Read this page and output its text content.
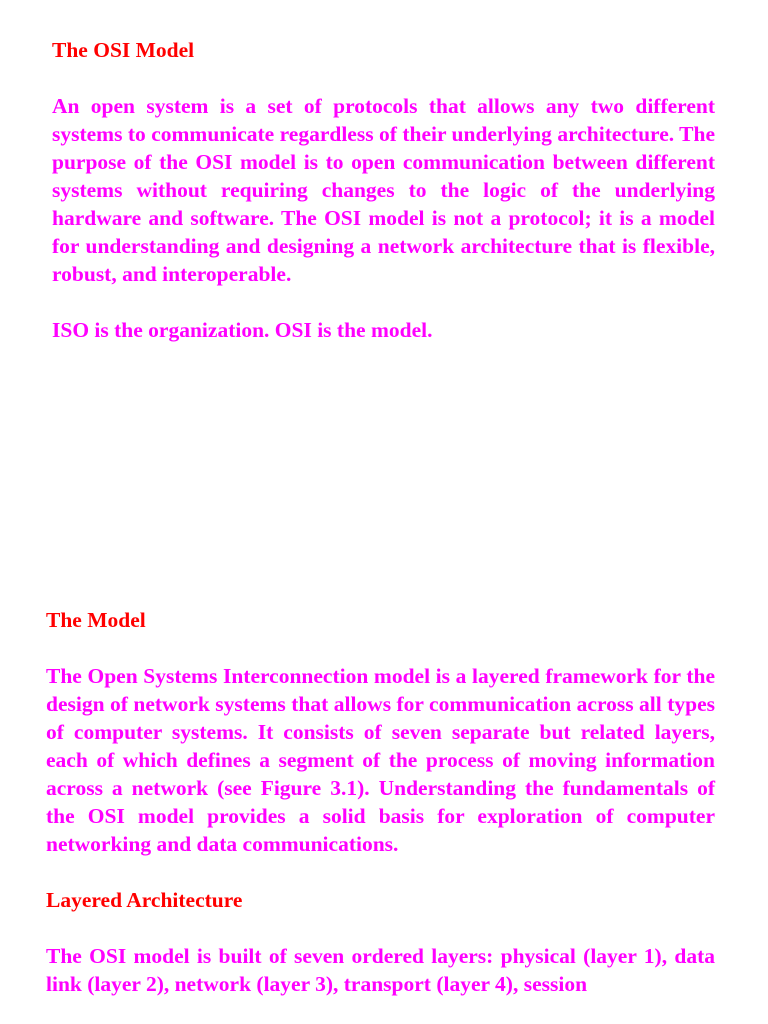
The OSI Model

An open system is a set of protocols that allows any two different systems to communicate regardless of their underlying architecture. The purpose of the OSI model is to open communication between different systems without requiring changes to the logic of the underlying hardware and software. The OSI model is not a protocol; it is a model for understanding and designing a network architecture that is flexible, robust, and interoperable.

ISO is the organization. OSI is the model.

The Model

The Open Systems Interconnection model is a layered framework for the design of network systems that allows for communication across all types of computer systems. It consists of seven separate but related layers, each of which defines a segment of the process of moving information across a network (see Figure 3.1). Understanding the fundamentals of the OSI model provides a solid basis for exploration of computer networking and data communications.

Layered Architecture

The OSI model is built of seven ordered layers: physical (layer 1), data link (layer 2), network (layer 3), transport (layer 4), session
